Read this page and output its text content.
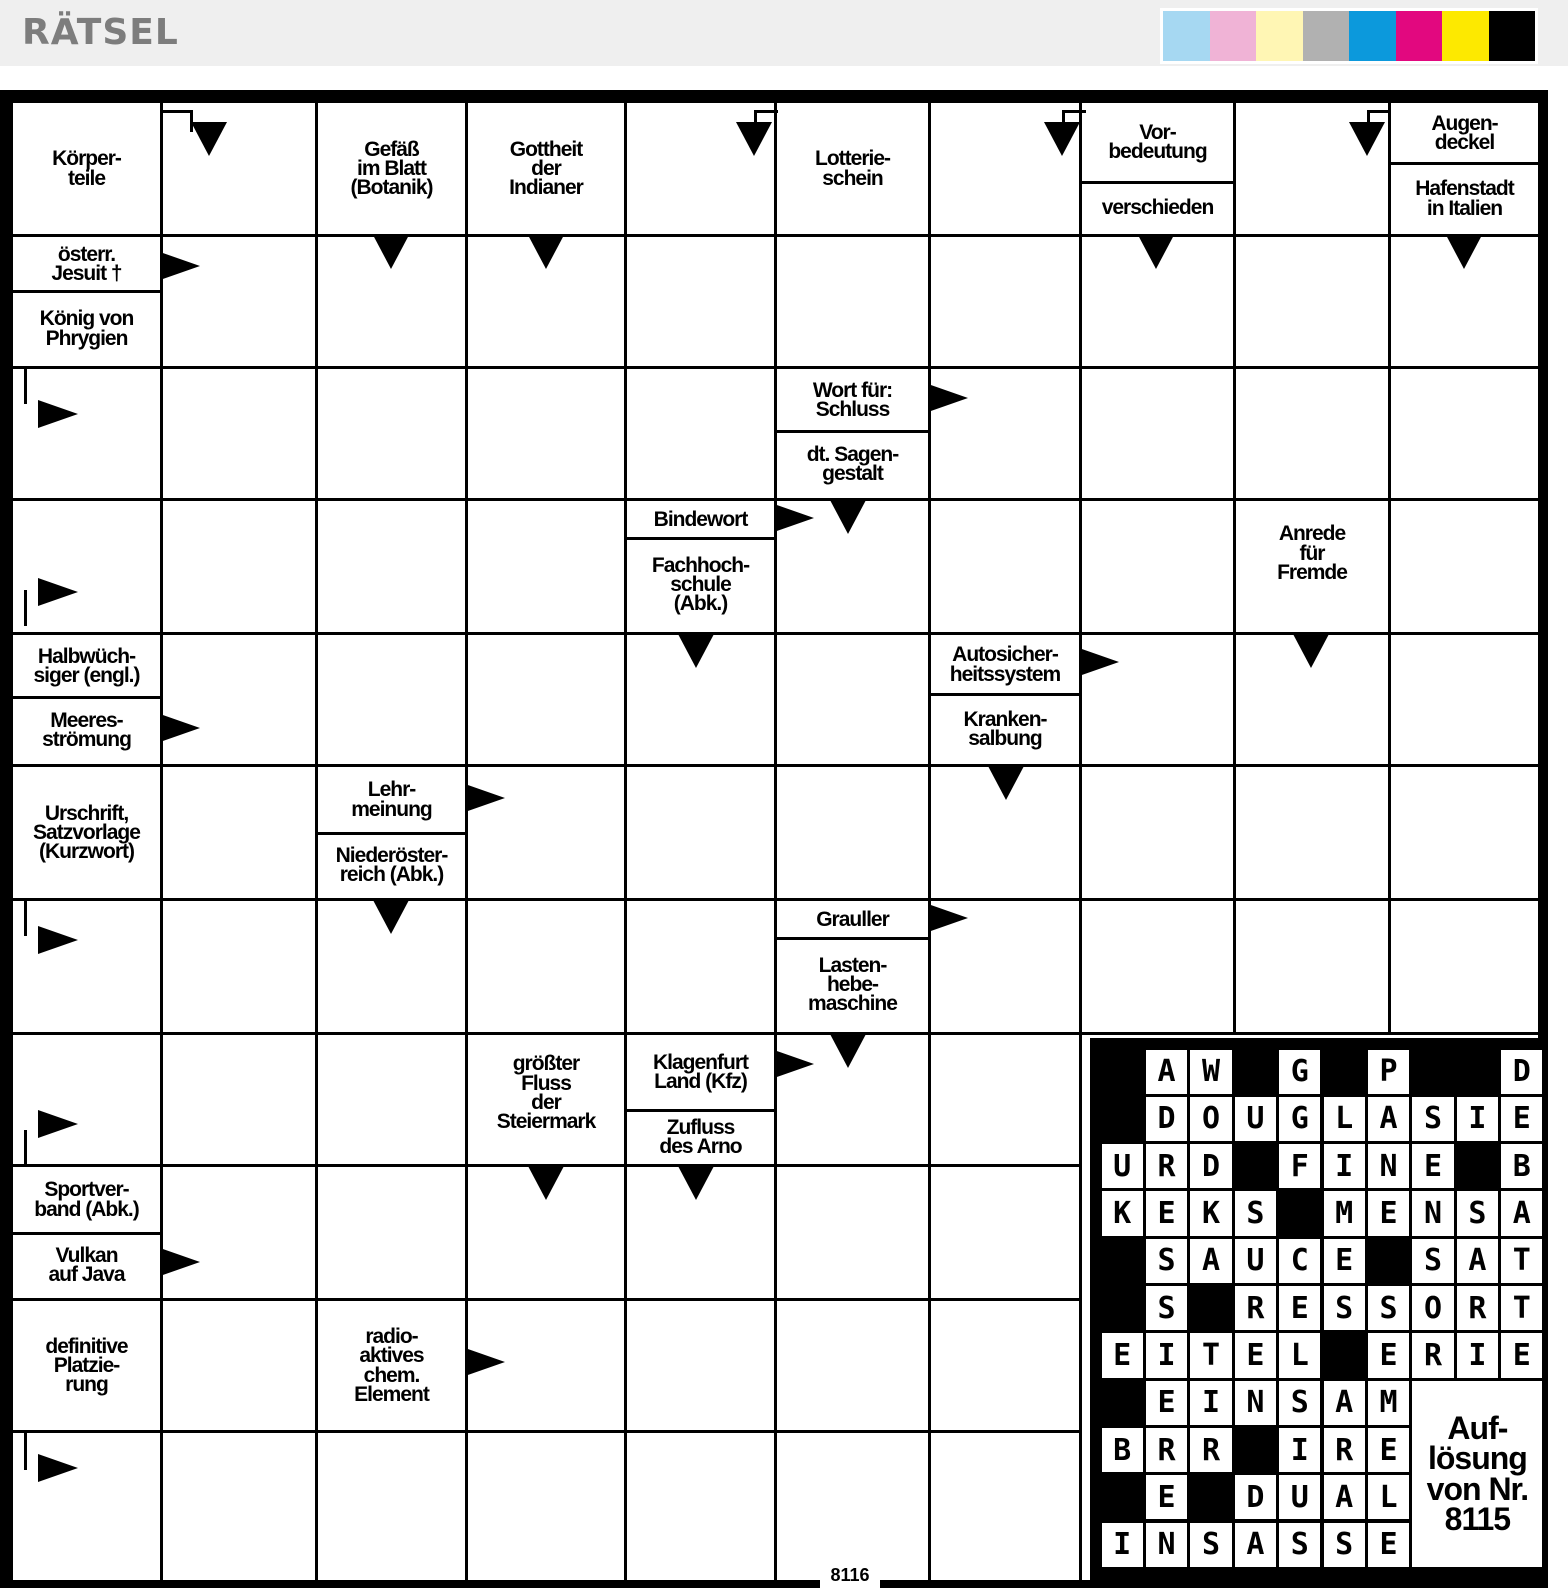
RÄTSEL
Körper-
teile
Gefäß
im Blatt
(Botanik)
Gottheit
der
Indianer
Lotterie-
schein
Vor-
bedeutung
verschieden
Augen-
deckel
Hafenstadt
in Italien
österr.
Jesuit †
König von
Phrygien
Wort für:
Schluss
dt. Sagen-
gestalt
Bindewort
Fachhoch-
schule
(Abk.)
Anrede
für
Fremde
Halbwüch-
siger (engl.)
Meeres-
strömung
Autosicher-
heitssystem
Kranken-
salbung
Urschrift,
Satzvorlage
(Kurzwort)
Lehr-
meinung
Niederöster-
reich (Abk.)
Grauller
Lasten-
hebe-
maschine
größter
Fluss
der
Steiermark
Klagenfurt
Land (Kfz)
Zufluss
des Arno
Sportver-
band (Abk.)
Vulkan
auf Java
definitive
Platzie-
rung
radio-
aktives
chem.
Element
A W	G	P	D
D O U G L A S I E
U R D	F I N E	B
K E K S	M E N S A
S A U C E	S A T
S	R E S S O R T
E I T E L	E R I E
E I N S A M
B R R	I R E
E	D U A L
I N S A S S E
Auf-
lösung
von Nr.
8115
8116
